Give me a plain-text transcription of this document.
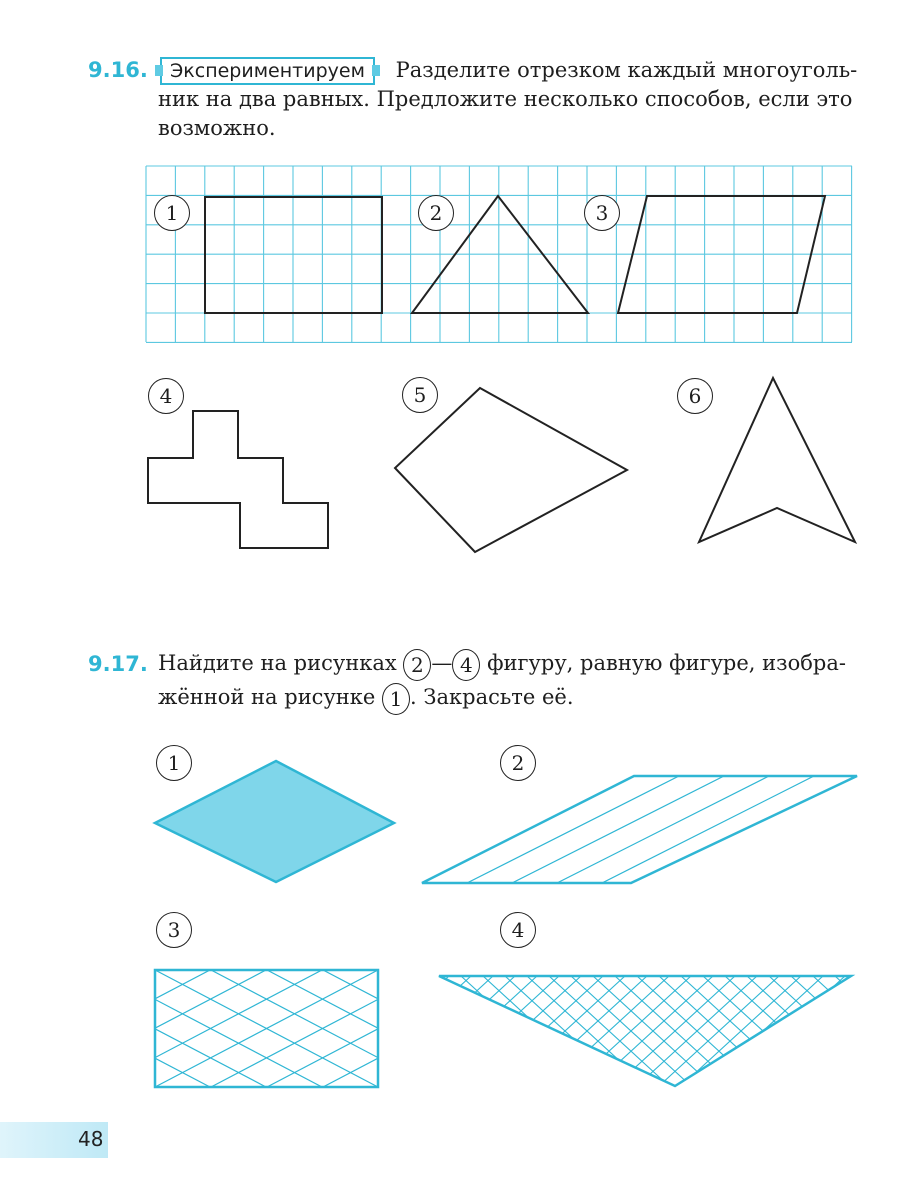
9.16.	Экспериментируем Разделите отрезком каждый многоуголь-
ник на два равных. Предложите несколько способов, если это
возможно.
1	2	3
4	5	6
9.17. Найдите на рисунках 2 — 4 фигуру, равную фигуре, изобра-
жённой на рисунке 1 . Закрасьте её.
1	2
3	4
48
